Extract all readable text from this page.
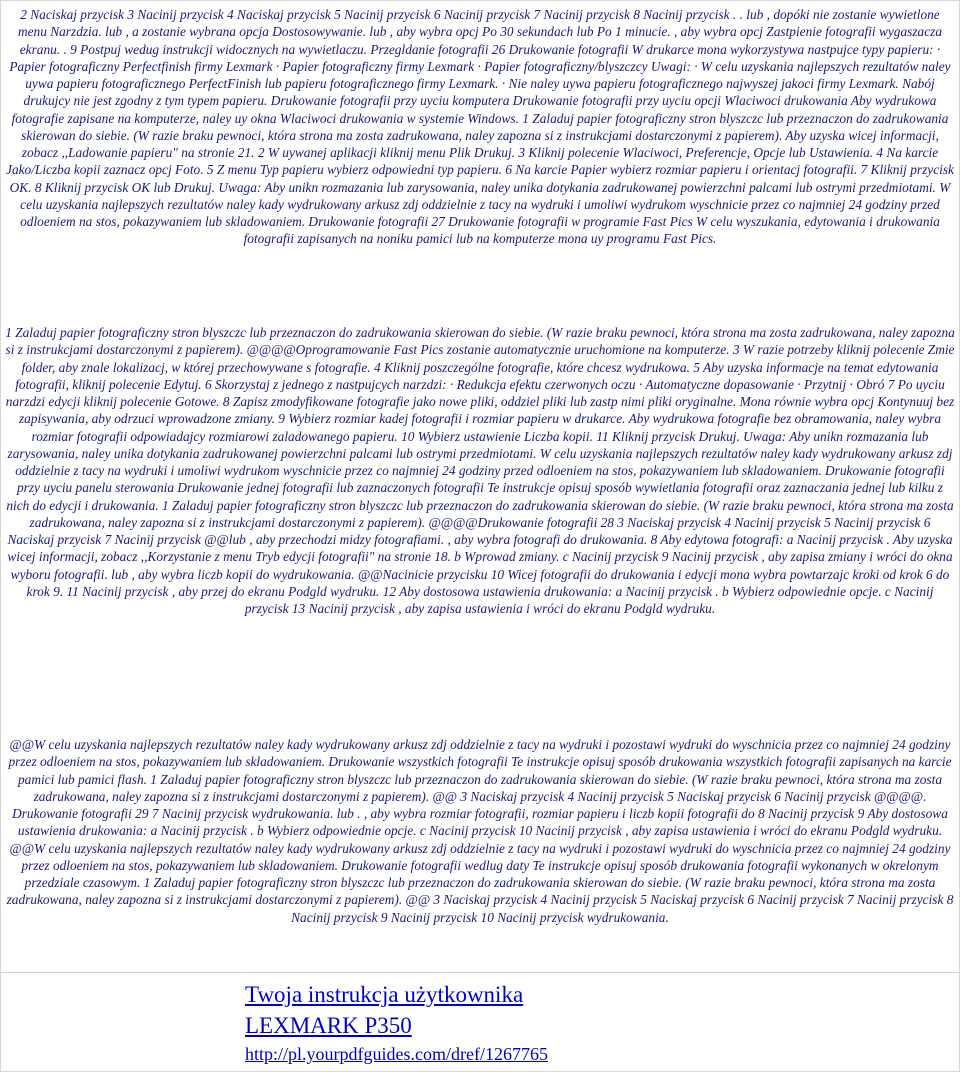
2 Naciskaj przycisk 3 Nacinij przycisk 4 Naciskaj przycisk 5 Nacinij przycisk 6 Nacinij przycisk 7 Nacinij przycisk 8 Nacinij przycisk . . lub , dopóki nie zostanie wywietlone menu Narzdzia. lub , a zostanie wybrana opcja Dostosowywanie. lub , aby wybra opcj Po 30 sekundach lub Po 1 minucie. , aby wybra opcj Zastpienie fotografii wygaszacza ekranu. . 9 Postpuj wedug instrukcji widocznych na wywietlaczu. Przegldanie fotografii 26 Drukowanie fotografii W drukarce mona wykorzystywa nastpujce typy papieru: · Papier fotograficzny Perfectfinish firmy Lexmark · Papier fotograficzny firmy Lexmark · Papier fotograficzny/blyszczcy Uwagi: · W celu uzyskania najlepszych rezultatów naley uywa papieru fotograficznego PerfectFinish lub papieru fotograficznego firmy Lexmark. · Nie naley uywa papieru fotograficznego najwyszej jakoci firmy Lexmark. Nabój drukujcy nie jest zgodny z tym typem papieru. Drukowanie fotografii przy uyciu komputera Drukowanie fotografii przy uyciu opcji Wlaciwoci drukowania Aby wydrukowa fotografie zapisane na komputerze, naley uy okna Wlaciwoci drukowania w systemie Windows. 1 Zaladuj papier fotograficzny stron blyszczc lub przeznaczon do zadrukowania skierowan do siebie. (W razie braku pewnoci, która strona ma zosta zadrukowana, naley zapozna si z instrukcjami dostarczonymi z papierem). Aby uzyska wicej informacji, zobacz ,,Ladowanie papieru" na stronie 21. 2 W uywanej aplikacji kliknij menu Plik Drukuj. 3 Kliknij polecenie Wlaciwoci, Preferencje, Opcje lub Ustawienia. 4 Na karcie Jako/Liczba kopii zaznacz opcj Foto. 5 Z menu Typ papieru wybierz odpowiedni typ papieru. 6 Na karcie Papier wybierz rozmiar papieru i orientacj fotografii. 7 Kliknij przycisk OK. 8 Kliknij przycisk OK lub Drukuj. Uwaga: Aby unikn rozmazania lub zarysowania, naley unika dotykania zadrukowanej powierzchni palcami lub ostrymi przedmiotami. W celu uzyskania najlepszych rezultatów naley kady wydrukowany arkusz zdj oddzielnie z tacy na wydruki i umoliwi wydrukom wyschnicie przez co najmniej 24 godziny przed odloeniem na stos, pokazywaniem lub skladowaniem. Drukowanie fotografii 27 Drukowanie fotografii w programie Fast Pics W celu wyszukania, edytowania i drukowania fotografii zapisanych na noniku pamici lub na komputerze mona uy programu Fast Pics.
1 Zaladuj papier fotograficzny stron blyszczc lub przeznaczon do zadrukowania skierowan do siebie. (W razie braku pewnoci, która strona ma zosta zadrukowana, naley zapozna si z instrukcjami dostarczonymi z papierem). @@@@Oprogramowanie Fast Pics zostanie automatycznie uruchomione na komputerze. 3 W razie potrzeby kliknij polecenie Zmie folder, aby znale lokalizacj, w której przechowywane s fotografie. 4 Kliknij poszczególne fotografie, które chcesz wydrukowa. 5 Aby uzyska informacje na temat edytowania fotografii, kliknij polecenie Edytuj. 6 Skorzystaj z jednego z nastpujcych narzdzi: · Redukcja efektu czerwonych oczu · Automatyczne dopasowanie · Przytnij · Obró 7 Po uyciu narzdzi edycji kliknij polecenie Gotowe. 8 Zapisz zmodyfikowane fotografie jako nowe pliki, oddziel pliki lub zastp nimi pliki oryginalne. Mona równie wybra opcj Kontynuuj bez zapisywania, aby odrzuci wprowadzone zmiany. 9 Wybierz rozmiar kadej fotografii i rozmiar papieru w drukarce. Aby wydrukowa fotografie bez obramowania, naley wybra rozmiar fotografii odpowiadajcy rozmiarowi zaladowanego papieru. 10 Wybierz ustawienie Liczba kopii. 11 Kliknij przycisk Drukuj. Uwaga: Aby unikn rozmazania lub zarysowania, naley unika dotykania zadrukowanej powierzchni palcami lub ostrymi przedmiotami. W celu uzyskania najlepszych rezultatów naley kady wydrukowany arkusz zdj oddzielnie z tacy na wydruki i umoliwi wydrukom wyschnicie przez co najmniej 24 godziny przed odloeniem na stos, pokazywaniem lub skladowaniem. Drukowanie fotografii przy uyciu panelu sterowania Drukowanie jednej fotografii lub zaznaczonych fotografii Te instrukcje opisuj sposób wywietlania fotografii oraz zaznaczania jednej lub kilku z nich do edycji i drukowania. 1 Zaladuj papier fotograficzny stron blyszczc lub przeznaczon do zadrukowania skierowan do siebie. (W razie braku pewnoci, która strona ma zosta zadrukowana, naley zapozna si z instrukcjami dostarczonymi z papierem). @@@@Drukowanie fotografii 28 3 Naciskaj przycisk 4 Nacinij przycisk 5 Nacinij przycisk 6 Naciskaj przycisk 7 Nacinij przycisk @@lub , aby przechodzi midzy fotografiami. , aby wybra fotografi do drukowania. 8 Aby edytowa fotografi: a Nacinij przycisk . Aby uzyska wicej informacji, zobacz ,,Korzystanie z menu Tryb edycji fotografii" na stronie 18. b Wprowad zmiany. c Nacinij przycisk 9 Nacinij przycisk , aby zapisa zmiany i wróci do okna wyboru fotografii. lub , aby wybra liczb kopii do wydrukowania. @@Nacinicie przycisku 10 Wicej fotografii do drukowania i edycji mona wybra powtarzajc kroki od krok 6 do krok 9. 11 Nacinij przycisk , aby przej do ekranu Podgld wydruku. 12 Aby dostosowa ustawienia drukowania: a Nacinij przycisk . b Wybierz odpowiednie opcje. c Nacinij przycisk 13 Nacinij przycisk , aby zapisa ustawienia i wróci do ekranu Podgld wydruku.
@@W celu uzyskania najlepszych rezultatów naley kady wydrukowany arkusz zdj oddzielnie z tacy na wydruki i pozostawi wydruki do wyschnicia przez co najmniej 24 godziny przez odloeniem na stos, pokazywaniem lub skladowaniem. Drukowanie wszystkich fotografii Te instrukcje opisuj sposób drukowania wszystkich fotografii zapisanych na karcie pamici lub pamici flash. 1 Zaladuj papier fotograficzny stron blyszczc lub przeznaczon do zadrukowania skierowan do siebie. (W razie braku pewnoci, która strona ma zosta zadrukowana, naley zapozna si z instrukcjami dostarczonymi z papierem). @@ 3 Naciskaj przycisk 4 Nacinij przycisk 5 Naciskaj przycisk 6 Nacinij przycisk @@@@. Drukowanie fotografii 29 7 Nacinij przycisk wydrukowania. lub . , aby wybra rozmiar fotografii, rozmiar papieru i liczb kopii fotografii do 8 Nacinij przycisk 9 Aby dostosowa ustawienia drukowania: a Nacinij przycisk . b Wybierz odpowiednie opcje. c Nacinij przycisk 10 Nacinij przycisk , aby zapisa ustawienia i wróci do ekranu Podgld wydruku. @@W celu uzyskania najlepszych rezultatów naley kady wydrukowany arkusz zdj oddzielnie z tacy na wydruki i pozostawi wydruki do wyschnicia przez co najmniej 24 godziny przez odloeniem na stos, pokazywaniem lub skladowaniem. Drukowanie fotografii wedlug daty Te instrukcje opisuj sposób drukowania fotografii wykonanych w okrelonym przedziale czasowym. 1 Zaladuj papier fotograficzny stron blyszczc lub przeznaczon do zadrukowania skierowan do siebie. (W razie braku pewnoci, która strona ma zosta zadrukowana, naley zapozna si z instrukcjami dostarczonymi z papierem). @@ 3 Naciskaj przycisk 4 Nacinij przycisk 5 Naciskaj przycisk 6 Nacinij przycisk 7 Nacinij przycisk 8 Nacinij przycisk 9 Nacinij przycisk 10 Nacinij przycisk wydrukowania.
Twoja instrukcja użytkownika
LEXMARK P350
http://pl.yourpdfguides.com/dref/1267765
